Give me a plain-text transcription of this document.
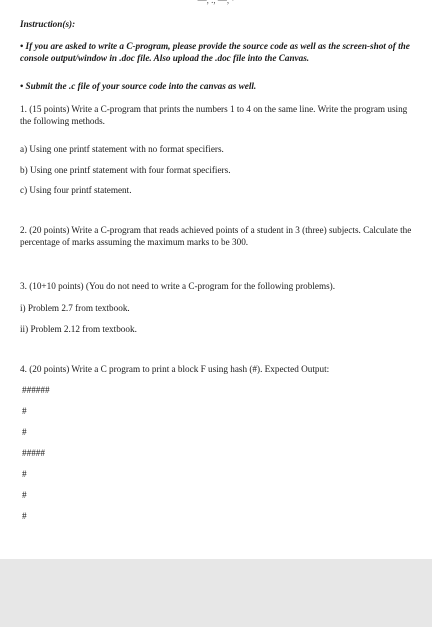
—, ., —, ·
Instruction(s):
• If you are asked to write a C-program, please provide the source code as well as the screen-shot of the console output/window in .doc file. Also upload the .doc file into the Canvas.
• Submit the .c file of your source code into the canvas as well.
1. (15 points) Write a C-program that prints the numbers 1 to 4 on the same line. Write the program using the following methods.
a) Using one printf statement with no format specifiers.
b) Using one printf statement with four format specifiers.
c) Using four printf statement.
2. (20 points) Write a C-program that reads achieved points of a student in 3 (three) subjects. Calculate the percentage of marks assuming the maximum marks to be 300.
3. (10+10 points) (You do not need to write a C-program for the following problems).
i) Problem 2.7 from textbook.
ii) Problem 2.12 from textbook.
4. (20 points) Write a C program to print a block F using hash (#). Expected Output:
######
#
#
#####
#
#
#
